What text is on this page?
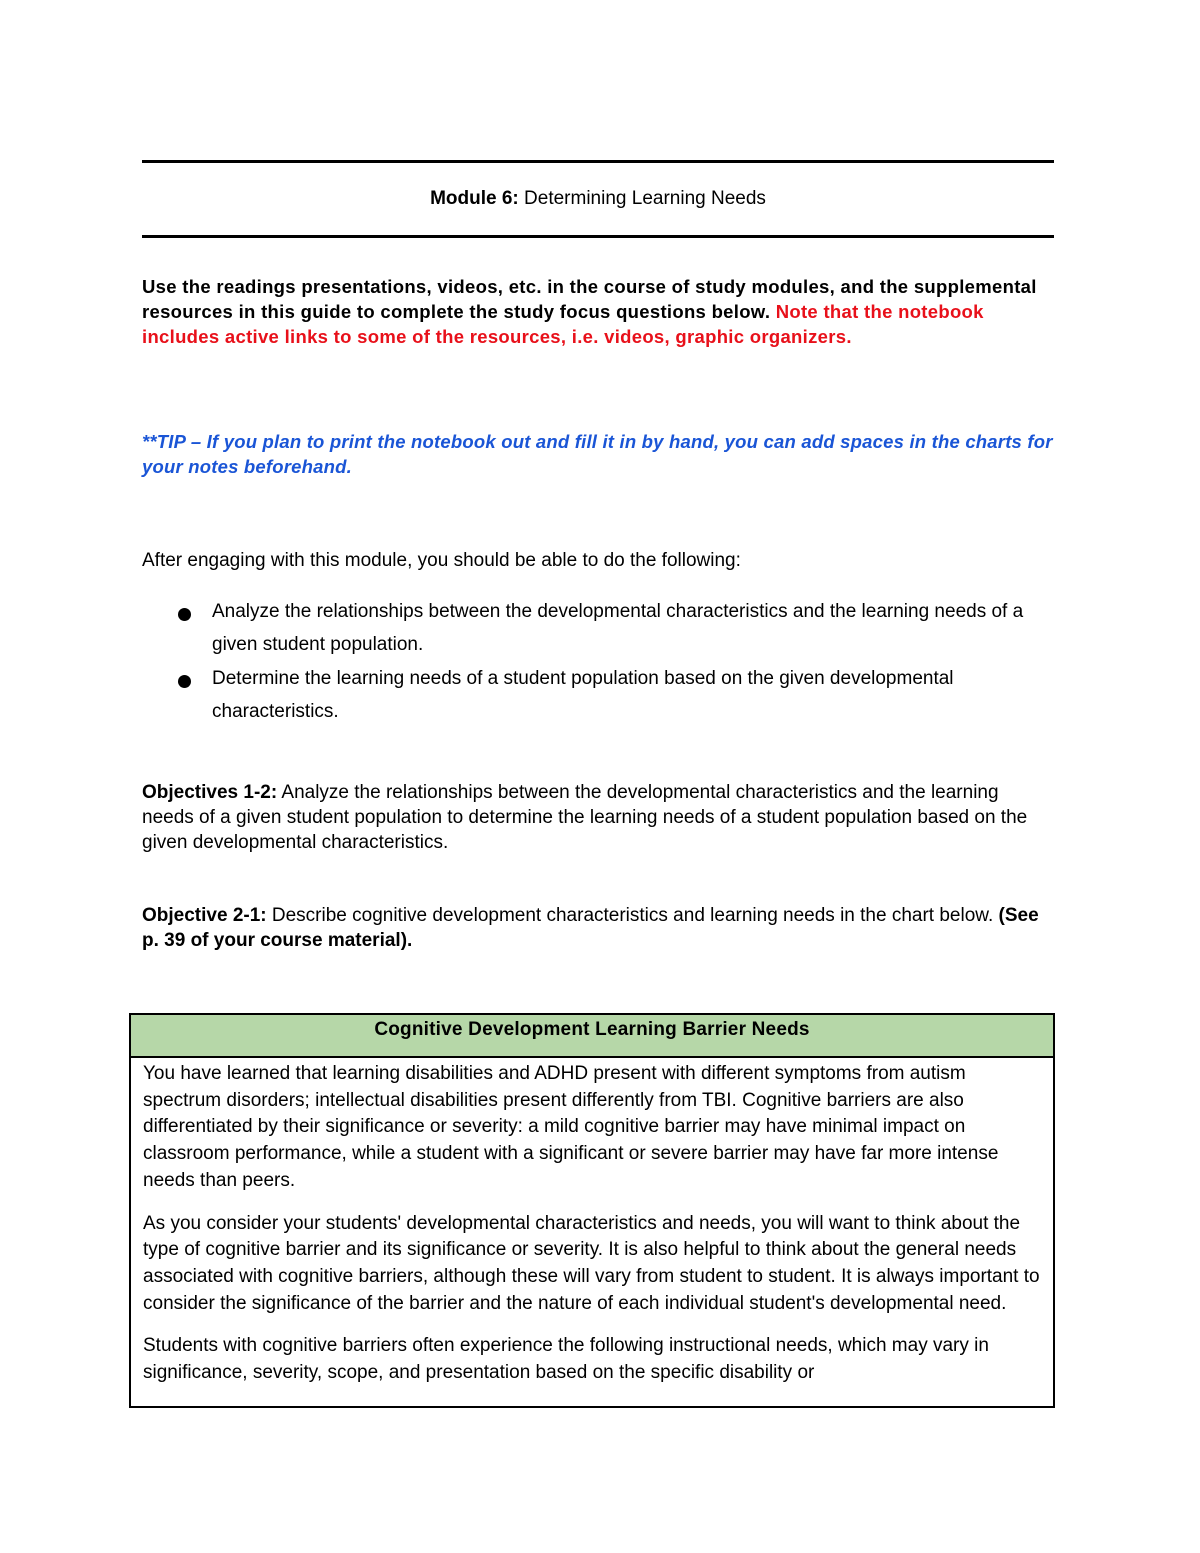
Module 6: Determining Learning Needs
Use the readings presentations, videos, etc. in the course of study modules, and the supplemental resources in this guide to complete the study focus questions below. Note that the notebook includes active links to some of the resources, i.e. videos, graphic organizers.
**TIP – If you plan to print the notebook out and fill it in by hand, you can add spaces in the charts for your notes beforehand.
After engaging with this module, you should be able to do the following:
Analyze the relationships between the developmental characteristics and the learning needs of a given student population.
Determine the learning needs of a student population based on the given developmental characteristics.
Objectives 1-2: Analyze the relationships between the developmental characteristics and the learning needs of a given student population to determine the learning needs of a student population based on the given developmental characteristics.
Objective 2-1: Describe cognitive development characteristics and learning needs in the chart below. (See p. 39 of your course material).
Cognitive Development Learning Barrier Needs

You have learned that learning disabilities and ADHD present with different symptoms from autism spectrum disorders; intellectual disabilities present differently from TBI. Cognitive barriers are also differentiated by their significance or severity: a mild cognitive barrier may have minimal impact on classroom performance, while a student with a significant or severe barrier may have far more intense needs than peers.

As you consider your students' developmental characteristics and needs, you will want to think about the type of cognitive barrier and its significance or severity. It is also helpful to think about the general needs associated with cognitive barriers, although these will vary from student to student. It is always important to consider the significance of the barrier and the nature of each individual student's developmental need.

Students with cognitive barriers often experience the following instructional needs, which may vary in significance, severity, scope, and presentation based on the specific disability or
